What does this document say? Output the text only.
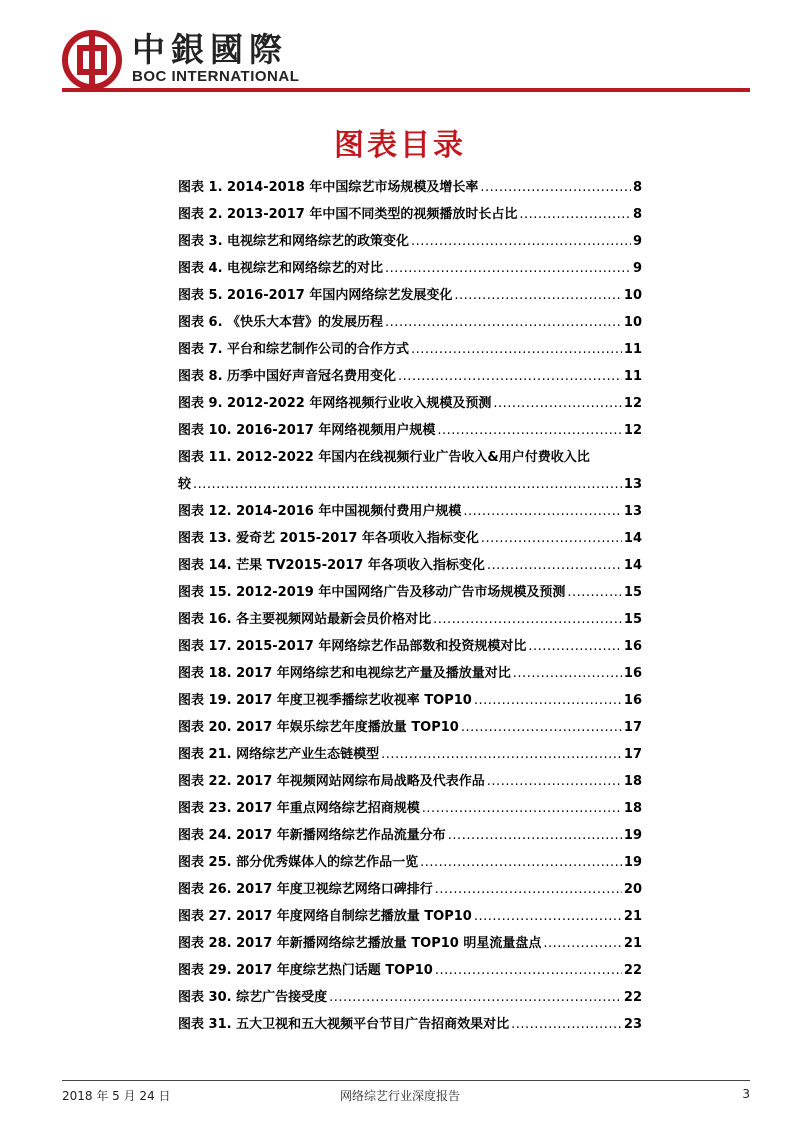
中銀國際
BOC INTERNATIONAL
图表目录
图表 1. 2014-2018 年中国综艺市场规模及增长率 .....	8
图表 2. 2013-2017 年中国不同类型的视频播放时长占比 .....	8
图表 3. 电视综艺和网络综艺的政策变化 .....	9
图表 4. 电视综艺和网络综艺的对比 .....	9
图表 5. 2016-2017 年国内网络综艺发展变化 .....	10
图表 6. 《快乐大本营》的发展历程 .....	10
图表 7. 平台和综艺制作公司的合作方式 .....	11
图表 8. 历季中国好声音冠名费用变化 .....	11
图表 9. 2012-2022 年网络视频行业收入规模及预测 .....	12
图表 10. 2016-2017 年网络视频用户规模 .....	12
图表 11. 2012-2022 年国内在线视频行业广告收入&用户付费收入比
较 .....	13
图表 12. 2014-2016 年中国视频付费用户规模 .....	13
图表 13. 爱奇艺 2015-2017 年各项收入指标变化 .....	14
图表 14. 芒果 TV2015-2017 年各项收入指标变化 .....	14
图表 15. 2012-2019 年中国网络广告及移动广告市场规模及预测 .....	15
图表 16. 各主要视频网站最新会员价格对比 .....	15
图表 17. 2015-2017 年网络综艺作品部数和投资规模对比 .....	16
图表 18. 2017 年网络综艺和电视综艺产量及播放量对比 .....	16
图表 19. 2017 年度卫视季播综艺收视率 TOP10 .....	16
图表 20. 2017 年娱乐综艺年度播放量 TOP10 .....	17
图表 21. 网络综艺产业生态链模型 .....	17
图表 22. 2017 年视频网站网综布局战略及代表作品 .....	18
图表 23. 2017 年重点网络综艺招商规模 .....	18
图表 24. 2017 年新播网络综艺作品流量分布 .....	19
图表 25. 部分优秀媒体人的综艺作品一览 .....	19
图表 26. 2017 年度卫视综艺网络口碑排行 .....	20
图表 27. 2017 年度网络自制综艺播放量 TOP10 .....	21
图表 28. 2017 年新播网络综艺播放量 TOP10 明星流量盘点 .....	21
图表 29. 2017 年度综艺热门话题 TOP10 .....	22
图表 30. 综艺广告接受度 .....	22
图表 31. 五大卫视和五大视频平台节目广告招商效果对比 .....	23
2018 年 5 月 24 日	网络综艺行业深度报告	3
